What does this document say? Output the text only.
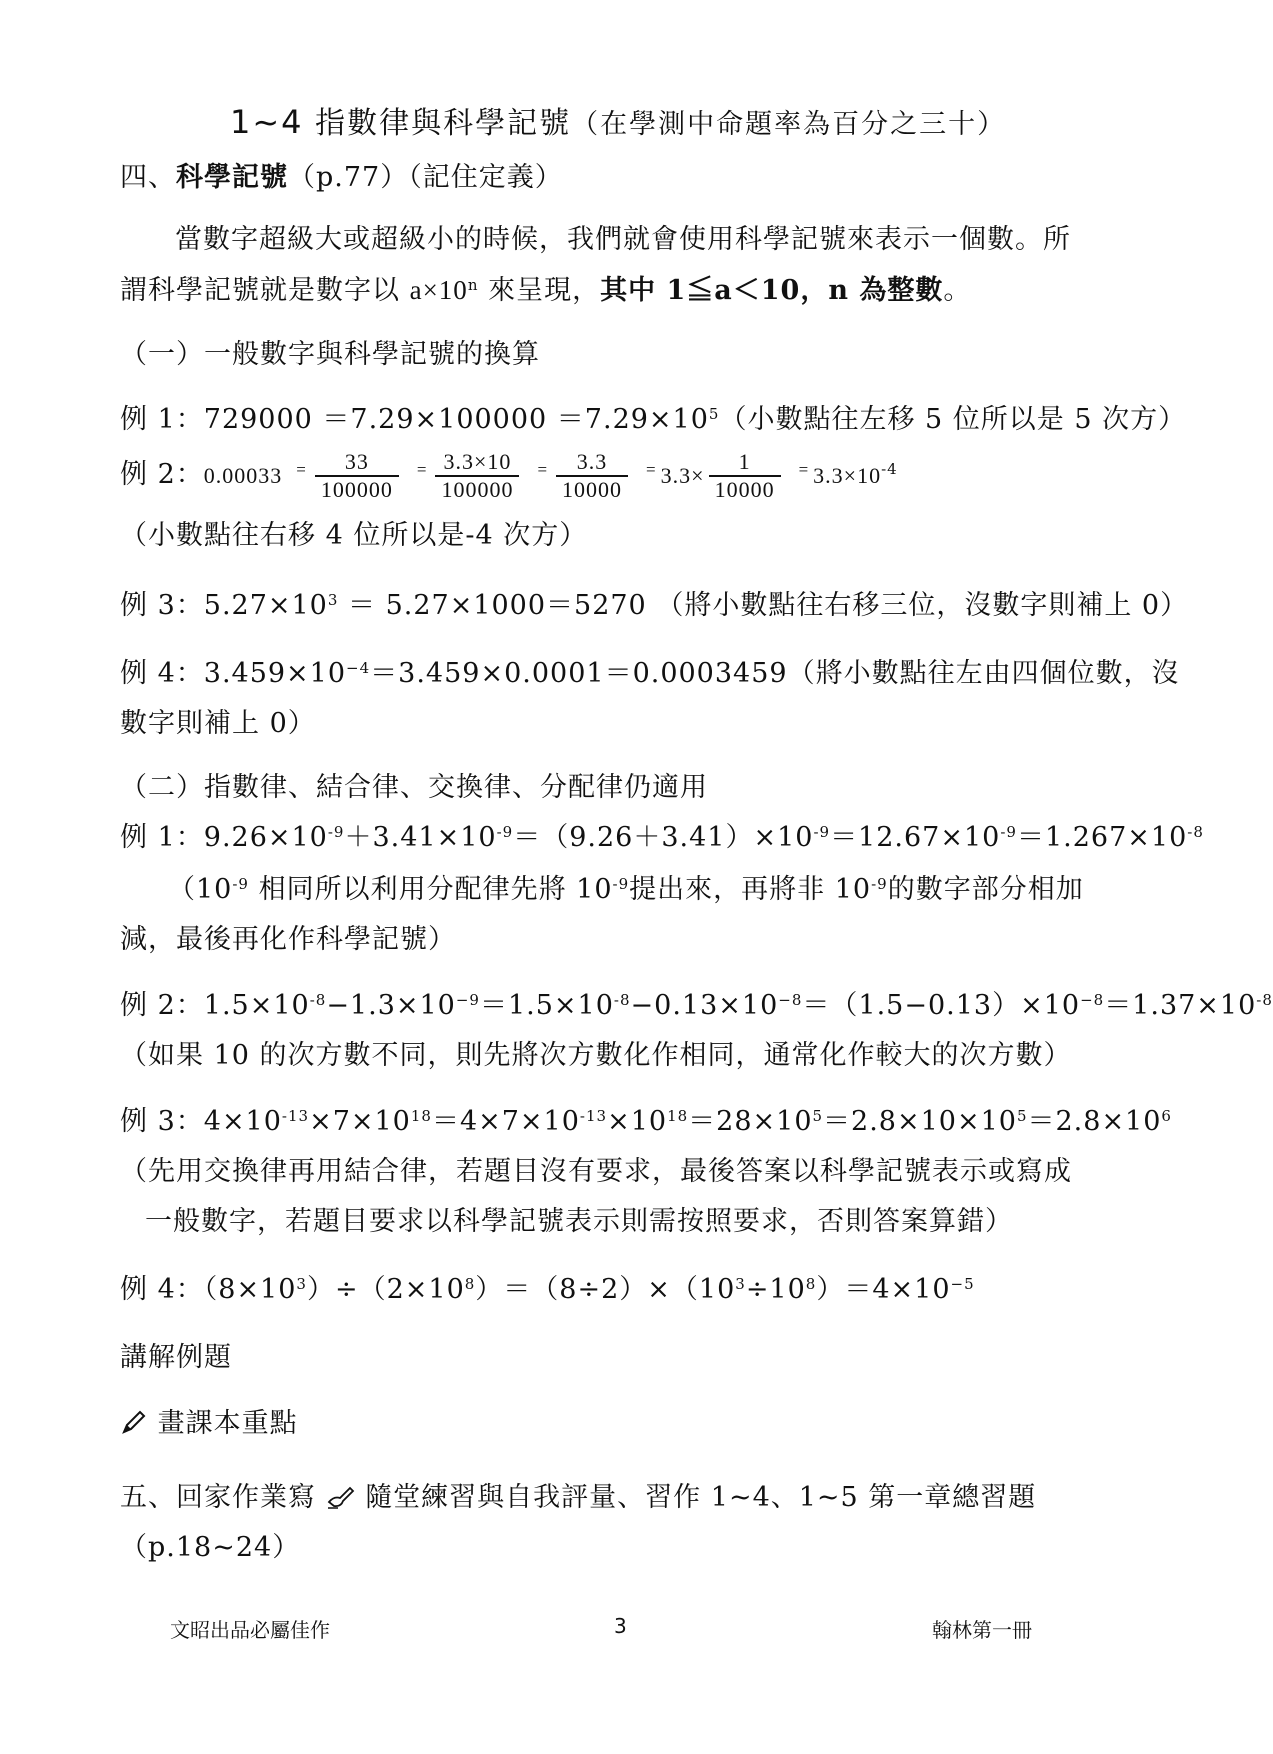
1~4 指數律與科學記號（在學測中命題率為百分之三十）
四、科學記號（p.77）（記住定義）
當數字超級大或超級小的時候，我們就會使用科學記號來表示一個數。所
謂科學記號就是數字以 $a\times 10^n$ 來呈現，其中 1≦a＜10，n 為整數。
（一）一般數字與科學記號的換算
例 1：$729000 =7.29\times 100000 =7.29\times 10^5$（小數點往左移 5 位所以是 5 次方）
例 2：0.00033 $^= \frac{33}{100000} ^= \frac{3.3\times 10}{100000} ^= \frac{3.3}{10000} ^=$ $3.3\times \frac{1}{10000} ^=$ $3.3\times 10^{-4}$
（小數點往右移 4 位所以是-4 次方）
例 3：$5.27\times 10^3 = 5.27\times 1000=5270$ （將小數點往右移三位，沒數字則補上 0）
例 4：$3.459\times 10^{-4}=3.459\times 0.0001=0.0003459$（將小數點往左由四個位數，沒
數字則補上 0）
（二）指數律、結合律、交換律、分配律仍適用
例 1：$9.26\times 10^{-9}+3.41\times 10^{-9}=(9.26+3.41)\times 10^{-9}=12.67\times 10^{-9}=1.267\times 10^{-8}$
（$10^{-9}$ 相同所以利用分配律先將 $10^{-9}$提出來，再將非 $10^{-9}$的數字部分相加
減，最後再化作科學記號）
例 2：$1.5\times 10^{-8}-1.3\times 10^{-9}=1.5\times 10^{-8}-0.13\times 10^{-8}=(1.5-0.13)\times 10^{-8}=1.37\times 10^{-8}$
（如果 10 的次方數不同，則先將次方數化作相同，通常化作較大的次方數）
例 3：$4\times 10^{-13}\times 7\times 10^{18}=4\times 7\times 10^{-13}\times 10^{18}=28\times 10^5=2.8\times 10\times 10^5=2.8\times 10^6$
（先用交換律再用結合律，若題目沒有要求，最後答案以科學記號表示或寫成
一般數字，若題目要求以科學記號表示則需按照要求，否則答案算錯）
例 4：$(8\times 10^3)\div(2\times 10^8)=(8\div 2)\times(10^3\div 10^8)=4\times 10^{-5}$
講解例題
畫課本重點
五、回家作業寫 隨堂練習與自我評量、習作 1~4、1~5 第一章總習題
（p.18~24）
文昭出品必屬佳作	3	翰林第一冊
